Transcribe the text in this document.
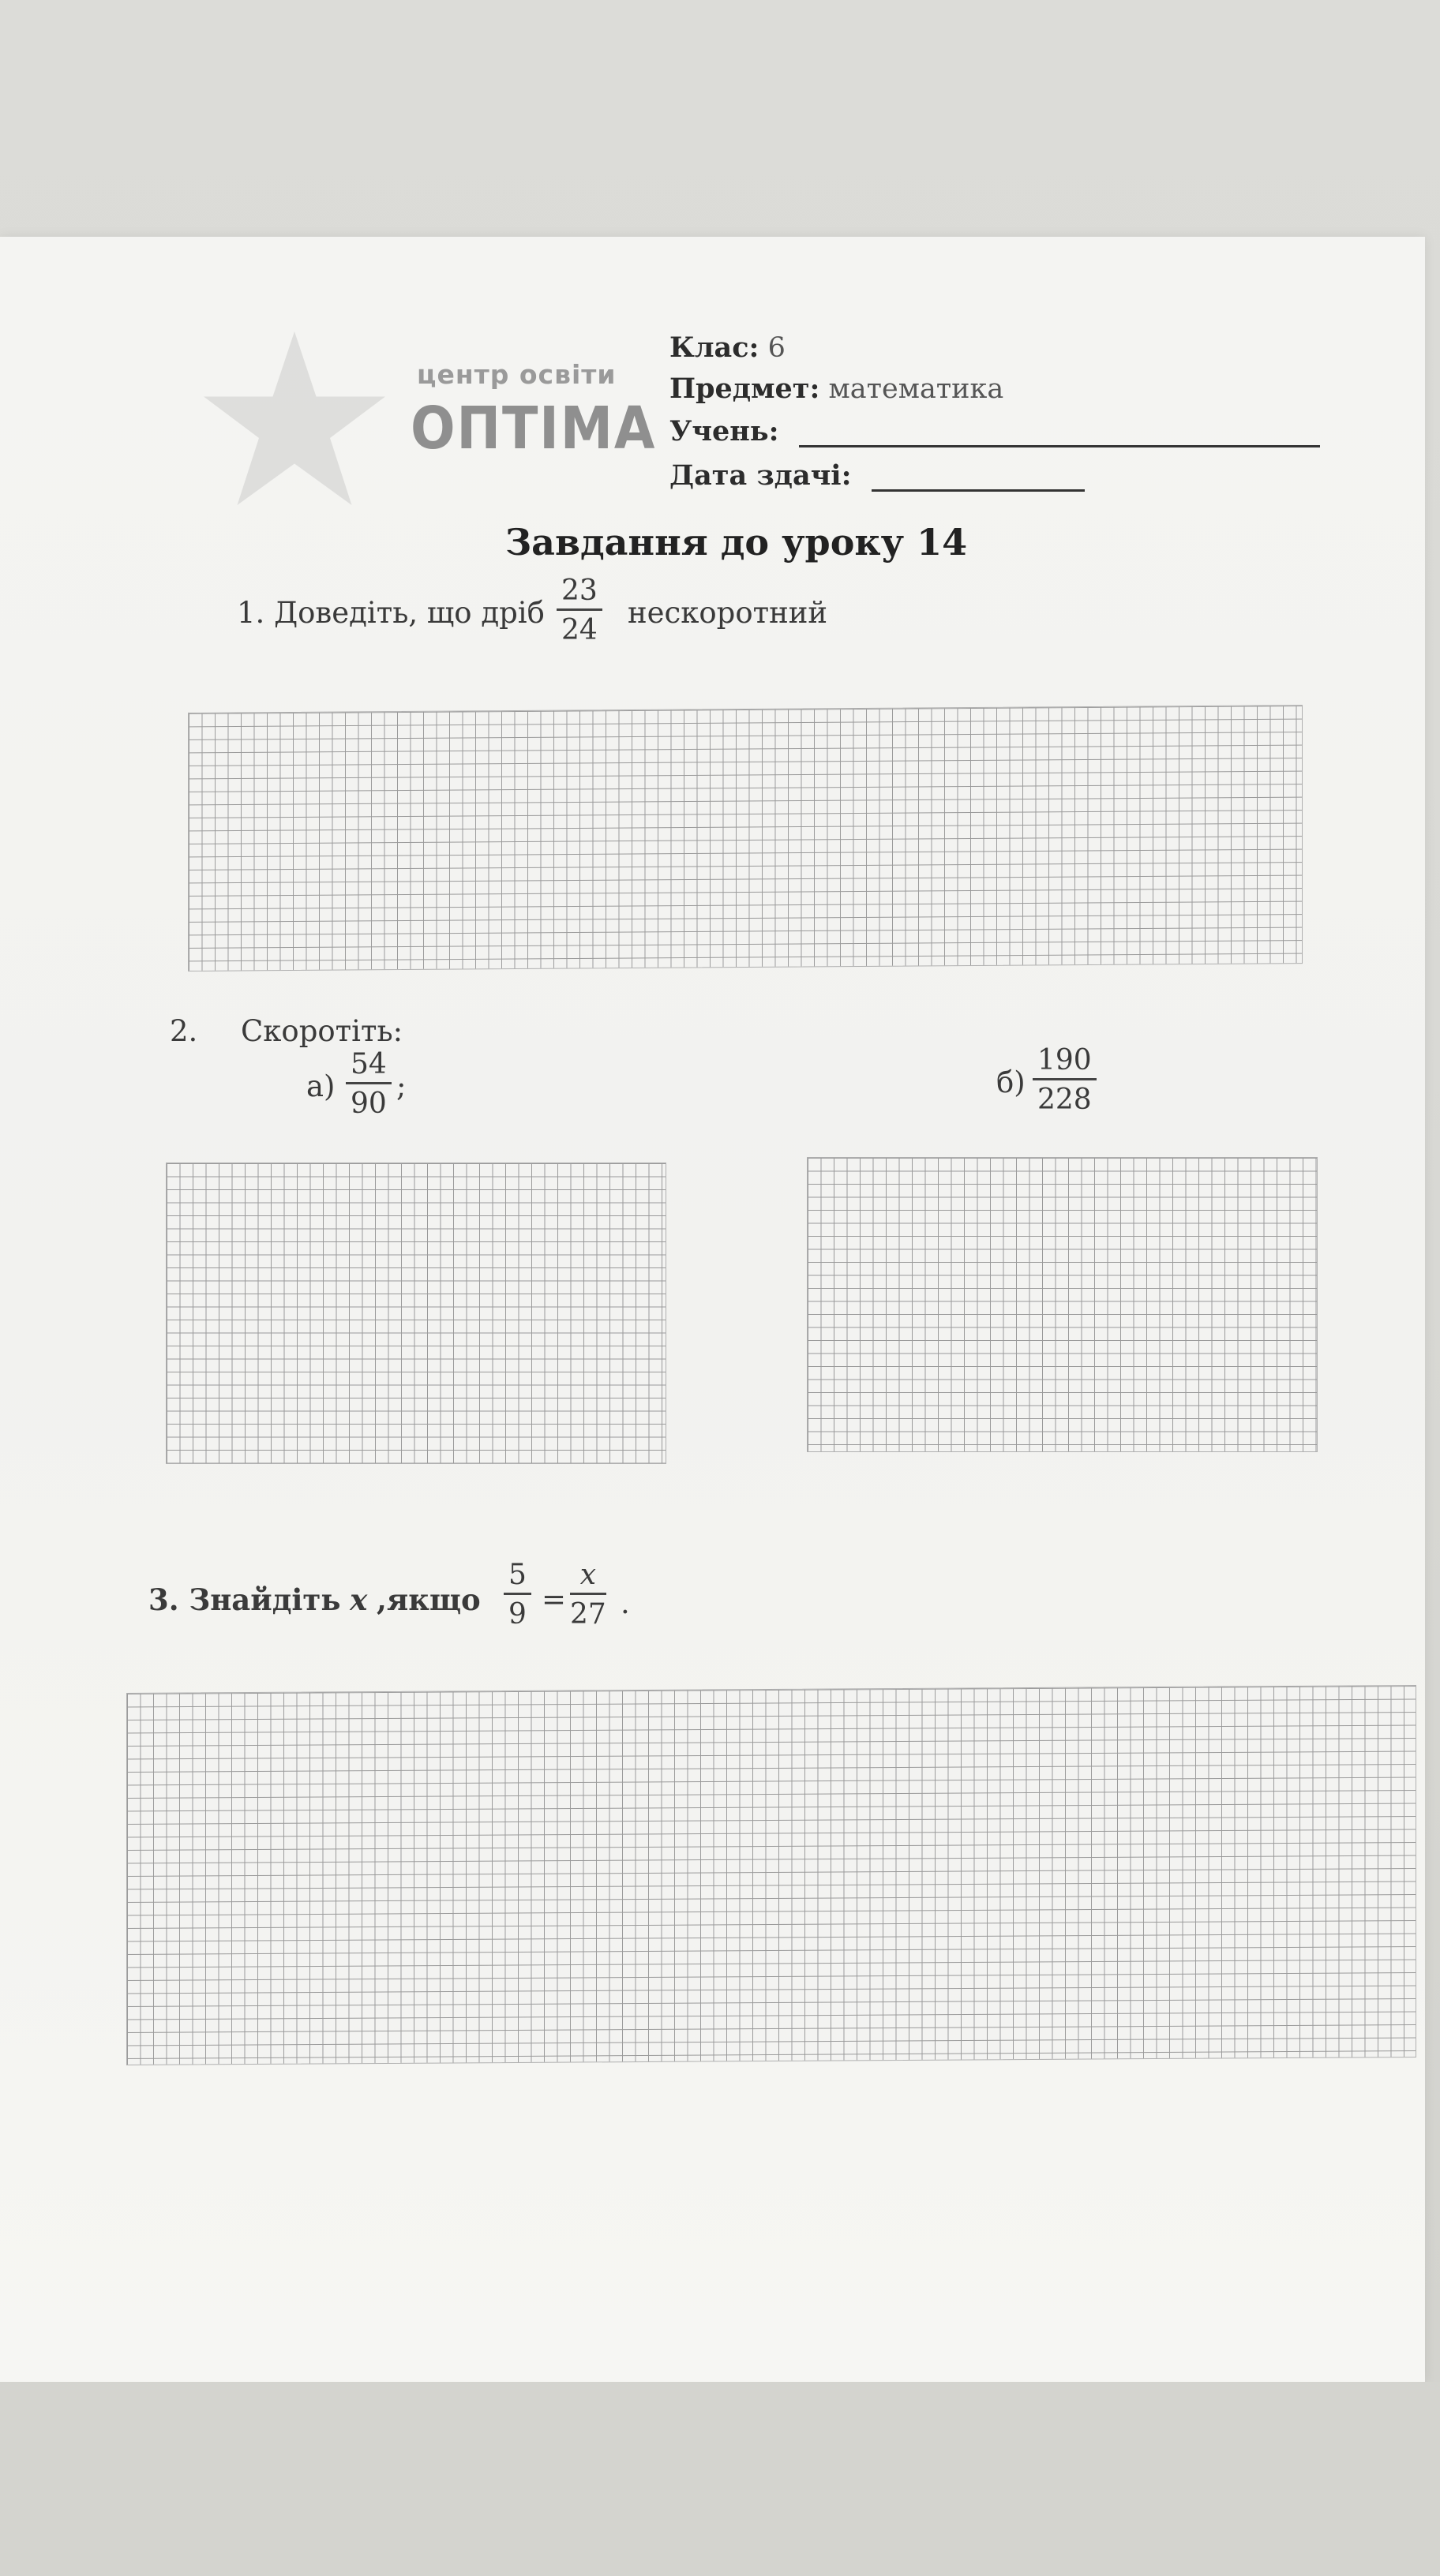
центр освіти
ОПТІМА
Клас: 6
Предмет: математика
Учень:
Дата здачі:
Завдання до уроку 14
1. Доведіть, що дріб $\frac{23}{24}$ нескоротний
2. Скоротіть:
$а) \frac{54}{90}$ ;	$б) \frac{190}{228}$
3. Знайдіть x ,якщо $\frac{5}{9} = \frac{x}{27}$ .
